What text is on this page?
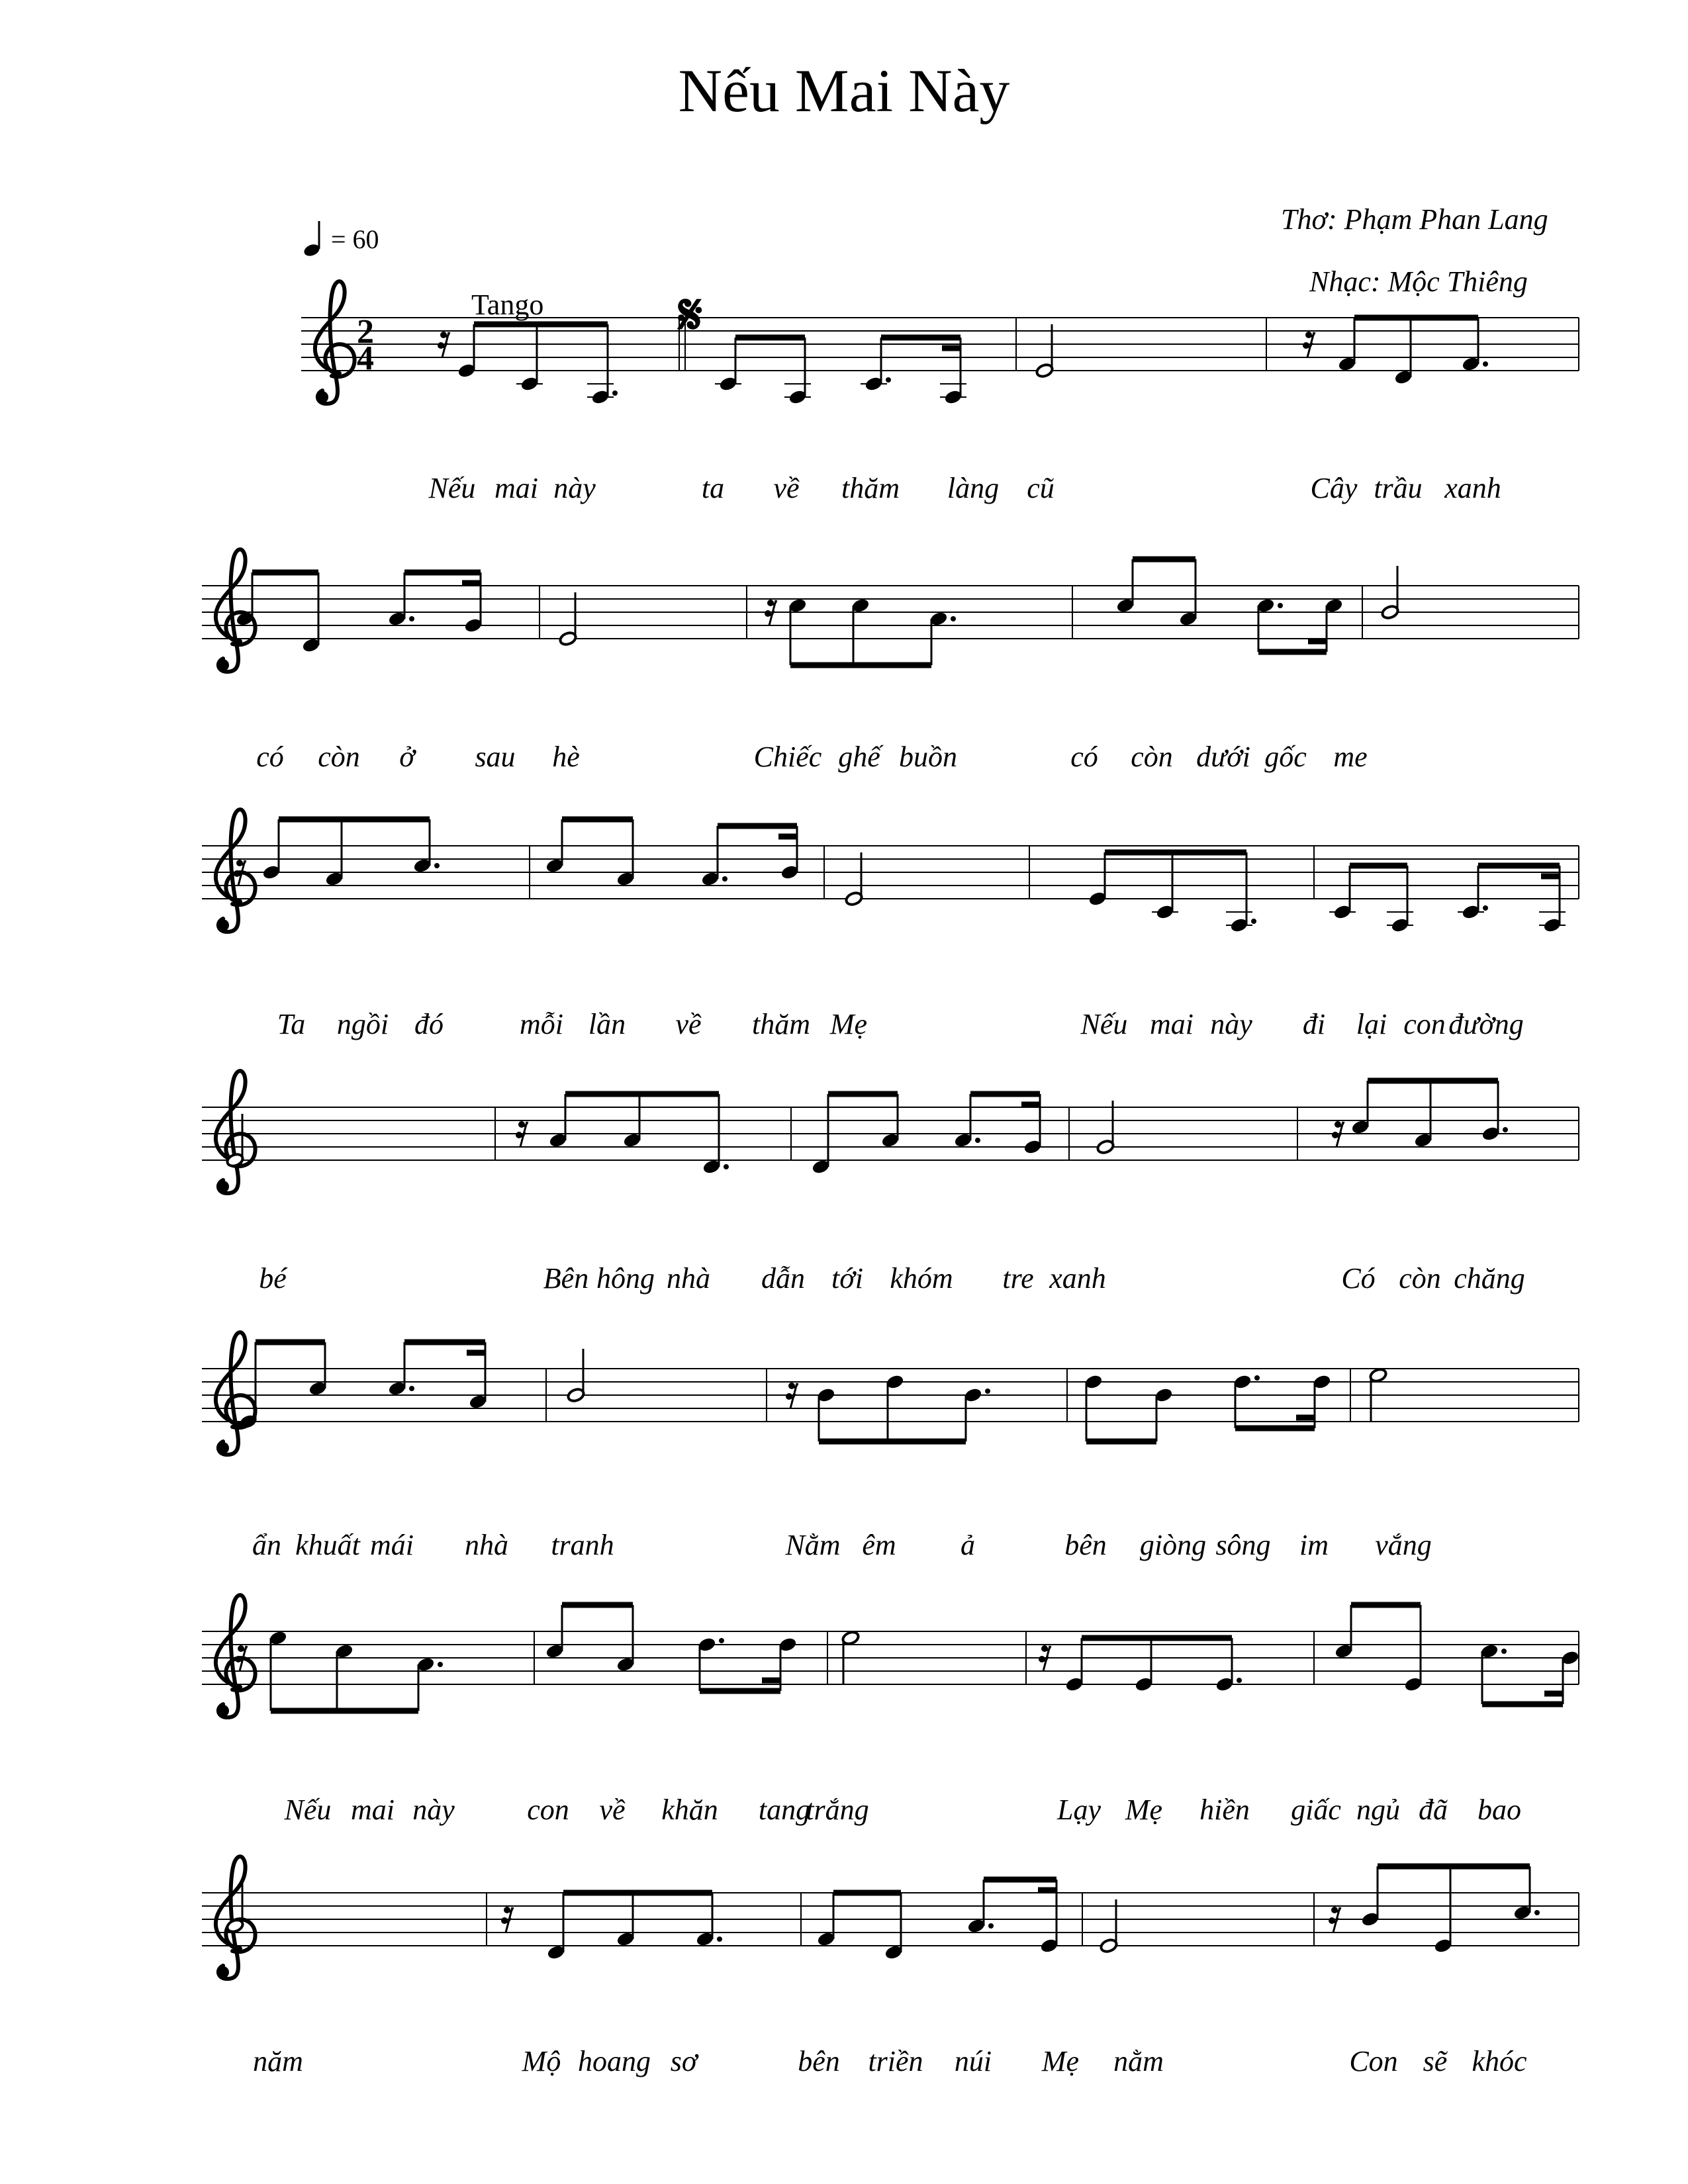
Nếu Mai Này
Thơ: Phạm Phan Lang
Nhạc: Mộc Thiêng
= 60
Tango 𝄋
2
4
Nếu mai này	ta về thăm làng cũ	Cây trầu xanh
có còn ở sau hè	Chiếc ghế buồn	có còn dưới gốc me
Ta ngồi đó	mỗi lần về thăm Mẹ	Nếu mai này đi lại con đường
bé	Bên hông nhà dẫn tới khóm tre xanh	Có còn chăng
ẩn khuất mái nhà tranh	Nằm êm ả	bên giòng sông im vắng
Nếu mai này con về khăn tang
trắng	Lạy Mẹ hiền giấc ngủ đã bao
năm	Mộ hoang sơ	bên triền núi Mẹ nằm	Con sẽ khóc
